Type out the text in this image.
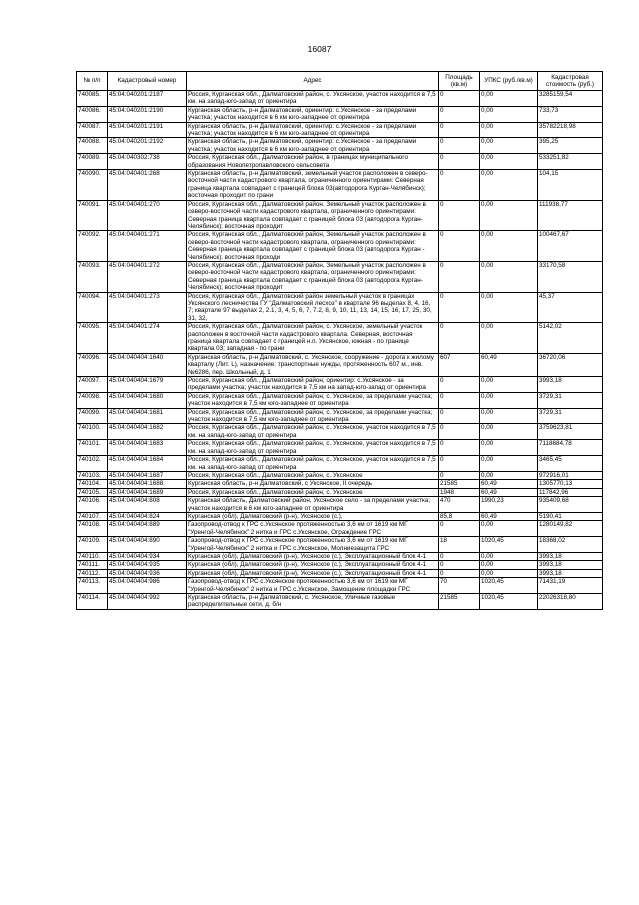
16087
№ п/п	Кадастровый номер	Адрес	Площадь (кв.м)	УПКС (руб./кв.м)	Кадастровая стоимость (руб.)
740085.	45:04:040201:2187	Россия, Курганская обл., Далматовский район, с. Уксянское, участок находится в 7,5 км. на запад-юго-запад от ориентира	0	0,00	3285159,54
740086.	45:04:040201:2190	Курганская область, р-н Далматовский, ориентир: с.Уксянское - за пределами участка; участок находится в 6 км юго-западнее от ориентира	0	0,00	733,73
740087.	45:04:040201:2191	Курганская область, р-н Далматовский, ориентир: с.Уксянское - за пределами участка; участок находится в 6 км юго-западнее от ориентира	0	0,00	35782218,98
740088.	45:04:040201:2192	Курганская область, р-н Далматовский, ориентир: с.Уксянское - за пределами участка; участок находится в 6 км юго-западнее от ориентира	0	0,00	395,25
740089.	45:04:040302:738	Россия, Курганская обл., Далматовский район, в границах муниципального образования Новопетропавловского сельсовета	0	0,00	533251,82
740090.	45:04:040401:268	Курганская область, р-н Далматовский, земельный участок расположен в северо-восточной части кадастрового квартала, ограниченного ориентирами: Северная граница квартала совпадает с границей блока 03(автодорога Курган-Челябинск); восточная проходит по грани	0	0,00	104,15
740091.	45:04:040401:270	Россия, Курганская обл., Далматовский район. Земельный участок расположен в северо-восточной части кадастрового квартала, ограниченного ориентирами: Северная граница квартала совпадает с границей блока 03 (автодорога Курган-Челябинск); восточная проходит	0	0,00	111938,77
740092.	45:04:040401:271	Россия, Курганская обл., Далматовский район, Земельный участок расположен в северо-восточной части кадастрового квартала, ограниченного ориентирами: Северная граница квартала совпадает с границей блока 03 (автодорога Курган - Челябинск); восточная проходи	0	0,00	100467,67
740093.	45:04:040401:272	Россия, Курганская обл., Далматовский район, Земельный участок расположен в северо-восточной части кадастрового квартала, ограниченного ориентирами: Северная граница квартала совпадает с границей блока 03 (автодорога Курган-Челябинск); восточная проходит	0	0,00	33170,58
740094.	45:04:040401:273	Россия, Курганская обл., Далматовский район земельный участок в границах Уксянского лесничества ГУ "Далматовский лесхоз" в квартале 96 выделах 8, 4, 16, 7; квартале 97 выделах 2, 2.1, 3, 4, 5, 6, 7, 7.2, 8, 9, 10, 11, 13, 14, 15, 16, 17, 25, 30, 31, 32,	0	0,00	45,37
740095.	45:04:040401:274	Россия, Курганская обл., Далматовский район, с. Уксянское, земельный участок расположен в восточной части кадастрового квартала. Северная, восточная граница квартала совпадает с границей н.п. Уксянское, южная - по границе квартала 03; западная - по грани	0	0,00	5142,02
740096.	45:04:040404:1640	Курганская область, р-н Далматовский, с. Уксянское, сооружение - дорога к жилому кварталу (Лит. L), назначение: транспортные нужды, протяженность 607 м., инв.№6286, пер. Школьный, д. 1	607	60,49	36720,06
740097.	45:04:040404:1679	Россия, Курганская обл., Далматовский район, ориентир: с.Уксянское - за пределами участка; участок находится в 7,5 км на запад-юго-запад от ориентира	0	0,00	3993,18
740098.	45:04:040404:1680	Россия, Курганская обл., Далматовский район, с. Уксянское, за пределами участка; участок находится в 7,5 км юго-западнее от ориентира	0	0,00	3729,31
740099.	45:04:040404:1681	Россия, Курганская обл., Далматовский район, с. Уксянское, за пределами участка; участок находится в 7,5 км юго-западнее от ориентира	0	0,00	3729,31
740100.	45:04:040404:1682	Россия, Курганская обл., Далматовский район, с. Уксянское, участок находится в 7,5 км. на запад-юго-запад от ориентира	0	0,00	3759623,81
740101.	45:04:040404:1683	Россия, Курганская обл., Далматовский район, с. Уксянское, участок находится в 7,5 км. на запад-юго-запад от ориентира	0	0,00	7118684,78
740102.	45:04:040404:1684	Россия, Курганская обл., Далматовский район, с. Уксянское, участок находится в 7,5 км. на запад-юго-запад от ориентира	0	0,00	3465,45
740103.	45:04:040404:1687	Россия, Курганская обл., Далматовский район, с. Уксянское	0	0,00	972916,01
740104.	45:04:040404:1688	Курганская область, р-н Далматовский, с Уксянское, II очередь	21585	60,49	1305770,13
740105.	45:04:040404:1689	Россия, Курганская обл., Далматовский район, с. Уксянское	1948	60,49	117842,96
740106.	45:04:040404:808	Курганская область, Далматовский район, Уксянское село - за пределами участка; участок находится в 6 км юго-западнее от ориентира	470	1990,23	935409,68
740107.	45:04:040404:824	Курганская (обл), Далматовский (р-н), Уксянское (с.),	85,8	60,49	5190,41
740108.	45:04:040404:889	Газопровод-отвод к ГРС с.Уксянское протяженностью 3,6 км от 1619 км МГ "Уренгой-Челябинск" 2 нитка и ГРС с.Уксянское, Ограждение ГРС	0	0,00	1280149,82
740109.	45:04:040404:890	Газопровод-отвод к ГРС с.Уксянское протяженностью 3,6 км от 1619 км МГ "Уренгой-Челябинск" 2 нитка и ГРС с.Уксянское, Молниезащита ГРС	18	1020,45	18368,02
740110.	45:04:040404:934	Курганская (обл), Далматовский (р-н), Уксянское (с.), Эксплуатационный блок 4-1	0	0,00	3993,18
740111.	45:04:040404:935	Курганская (обл), Далматовский (р-н), Уксянское (с.), Эксплуатационный блок 4-1	0	0,00	3993,18
740112.	45:04:040404:936	Курганская (обл), Далматовский (р-н), Уксянское (с.), Эксплуатационный блок 4-1	0	0,00	3993,18
740113.	45:04:040404:986	Газопровод-отвод к ГРС с.Уксянское протяженностью 3,6 км от 1619 км МГ "Уренгой-Челябинск" 2 нитка и ГРС с.Уксянское, Замощение площадки ГРС	70	1020,45	71431,19
740114.	45:04:040404:992	Курганская область, р-н Далматовский, с. Уксянское, Уличные газовые распределительные сети, д. б/н	21585	1020,45	22026318,80
